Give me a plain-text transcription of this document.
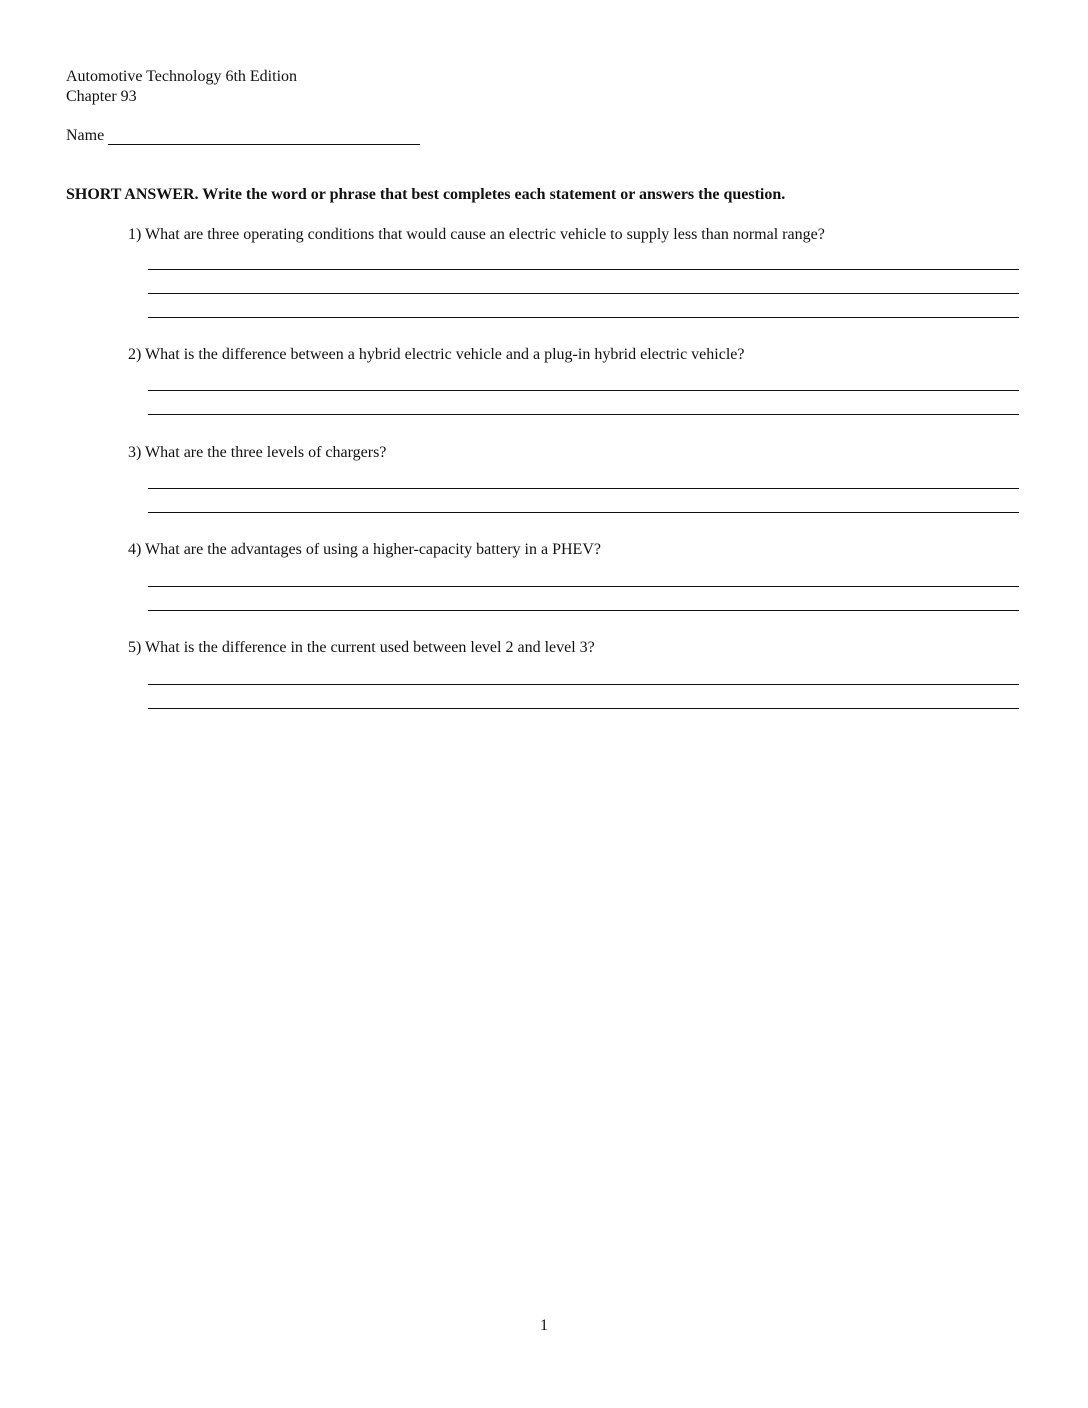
Automotive Technology 6th Edition
Chapter 93
Name
SHORT ANSWER. Write the word or phrase that best completes each statement or answers the question.
1) What are three operating conditions that would cause an electric vehicle to supply less than normal range?
2) What is the difference between a hybrid electric vehicle and a plug-in hybrid electric vehicle?
3) What are the three levels of chargers?
4) What are the advantages of using a higher-capacity battery in a PHEV?
5) What is the difference in the current used between level 2 and level 3?
1
